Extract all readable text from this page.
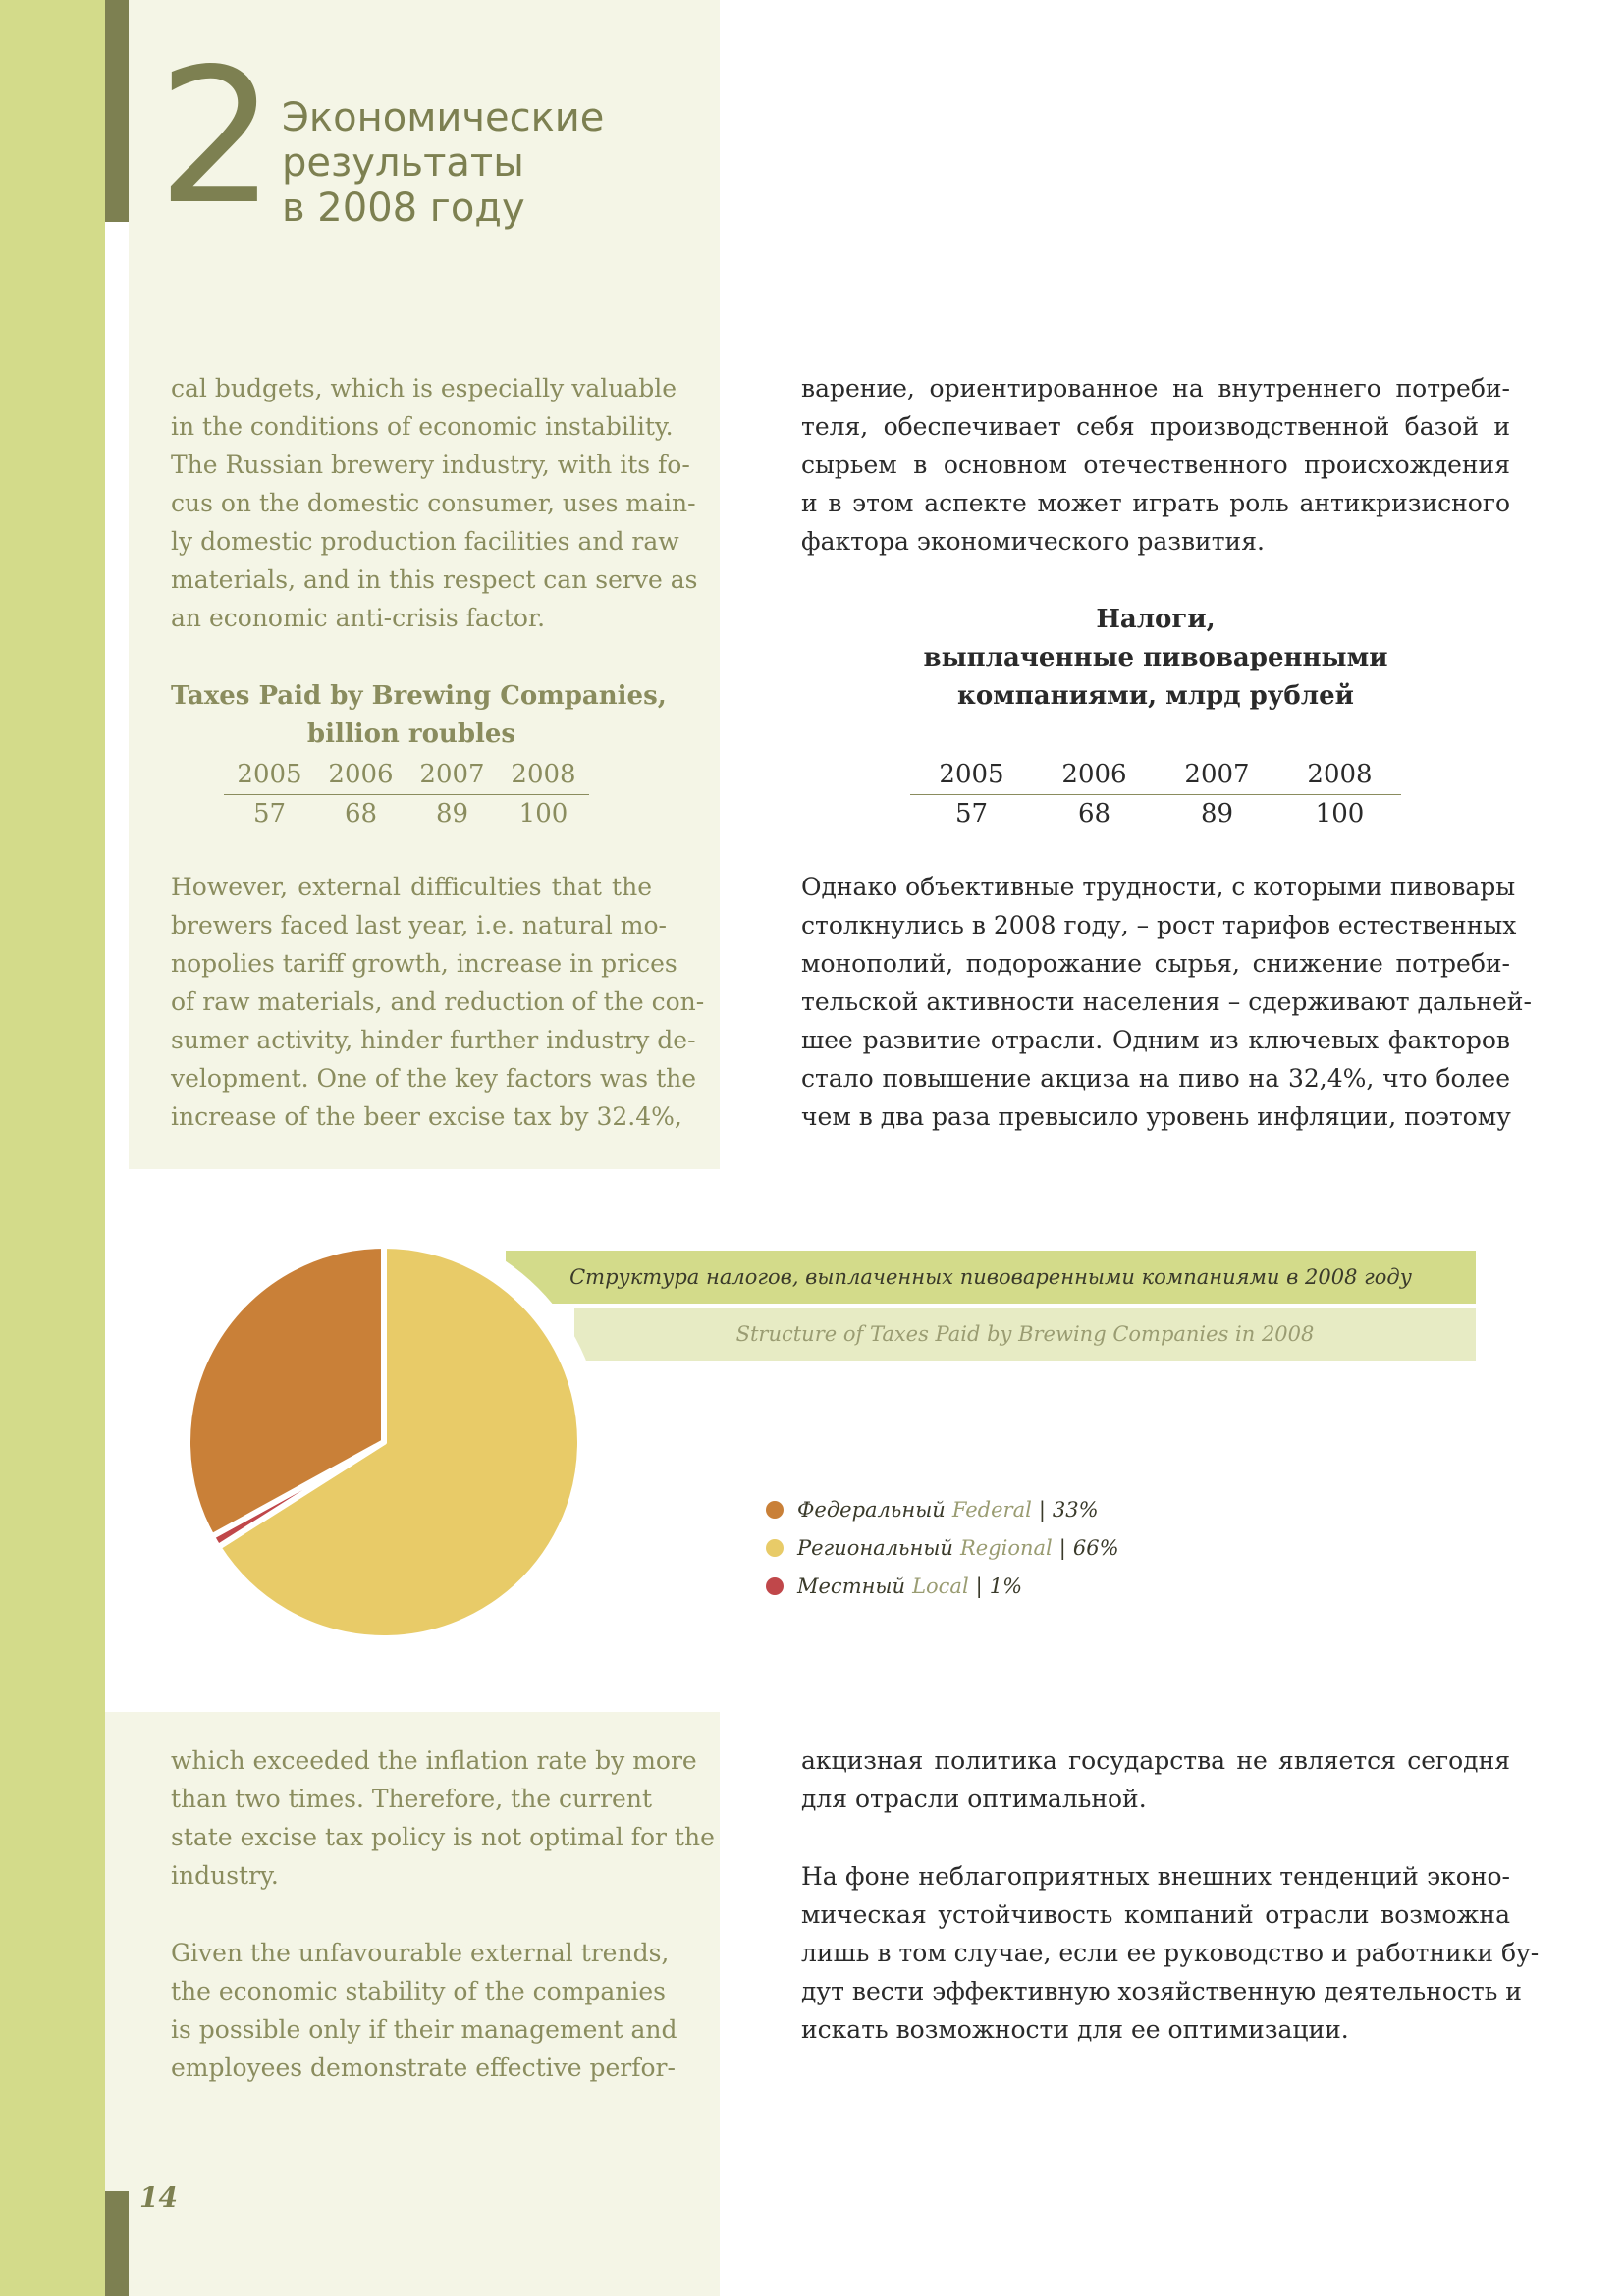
2 Экономические
результаты
в 2008 году
cal budgets, which is especially valuable
in the conditions of economic instability.
The Russian brewery industry, with its fo-
cus on the domestic consumer, uses main-
ly domestic production facilities and raw
materials, and in this respect can serve as
an economic anti-crisis factor.
варение, ориентированное на внутреннего потреби-
теля, обеспечивает себя производственной базой и
сырьем в основном отечественного происхождения
и в этом аспекте может играть роль антикризисного
фактора экономического развития.
Taxes Paid by Brewing Companies,
billion roubles
2005	2006	2007	2008
57	68	89	100
Налоги,
выплаченные пивоваренными
компаниями, млрд рублей
2005	2006	2007	2008
57	68	89	100
However, external difficulties that the
brewers faced last year, i.e. natural mo-
nopolies tariff growth, increase in prices
of raw materials, and reduction of the con-
sumer activity, hinder further industry de-
velopment. One of the key factors was the
increase of the beer excise tax by 32.4%,
Однако объективные трудности, с которыми пивовары
столкнулись в 2008 году, – рост тарифов естественных
монополий, подорожание сырья, снижение потреби-
тельской активности населения – сдерживают дальней-
шее развитие отрасли. Одним из ключевых факторов
стало повышение акциза на пиво на 32,4%, что более
чем в два раза превысило уровень инфляции, поэтому
Структура налогов, выплаченных пивоваренными компаниями в 2008 году
Structure of Taxes Paid by Brewing Companies in 2008
Федеральный Federal | 33%
Региональный Regional | 66%
Местный Local | 1%
which exceeded the inflation rate by more
than two times. Therefore, the current
state excise tax policy is not optimal for the
industry.
Given the unfavourable external trends,
the economic stability of the companies
is possible only if their management and
employees demonstrate effective perfor-
акцизная политика государства не является сегодня
для отрасли оптимальной.
На фоне неблагоприятных внешних тенденций эконо-
мическая устойчивость компаний отрасли возможна
лишь в том случае, если ее руководство и работники бу-
дут вести эффективную хозяйственную деятельность и
искать возможности для ее оптимизации.
14
